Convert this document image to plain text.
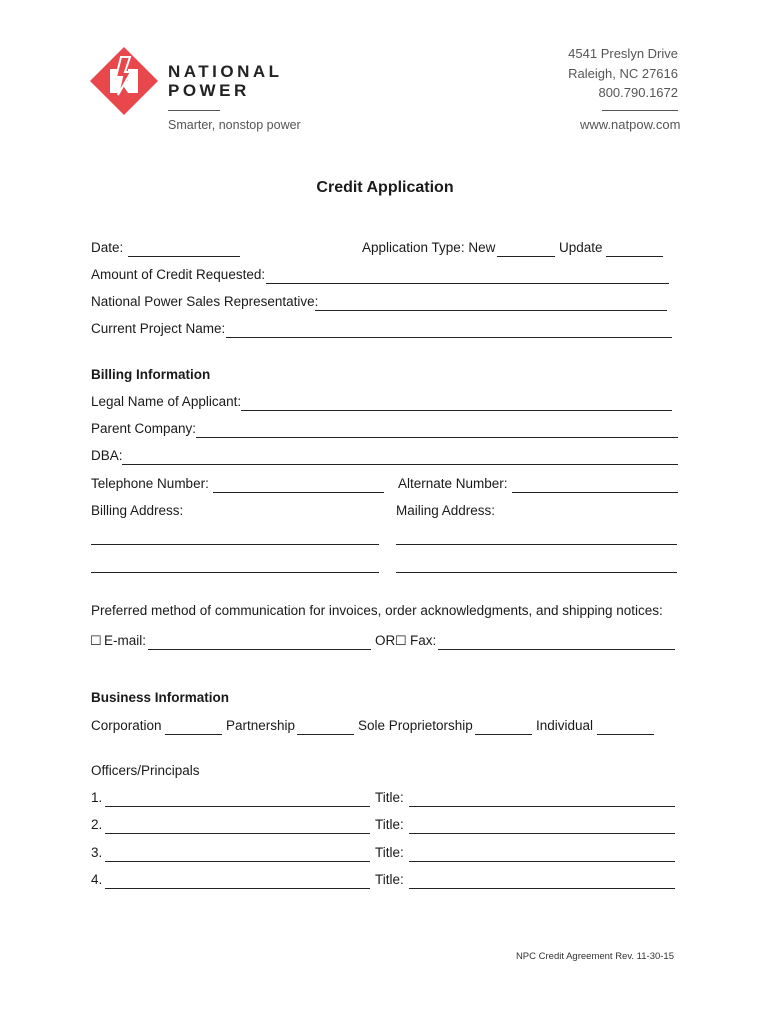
NATIONAL
POWER
Smarter, nonstop power
4541 Preslyn Drive
Raleigh, NC 27616
800.790.1672
www.natpow.com
Credit Application
Date:	Application Type: New	Update
Amount of Credit Requested:
National Power Sales Representative:
Current Project Name:
Billing Information
Legal Name of Applicant:
Parent Company:
DBA:
Telephone Number:	Alternate Number:
Billing Address:	Mailing Address:
Preferred method of communication for invoices, order acknowledgments, and shipping notices:
☐ E-mail:	OR ☐ Fax:
Business Information
Corporation	Partnership	Sole Proprietorship	Individual
Officers/Principals
1.	Title:
2.	Title:
3.	Title:
4.	Title:
NPC Credit Agreement Rev. 11-30-15
